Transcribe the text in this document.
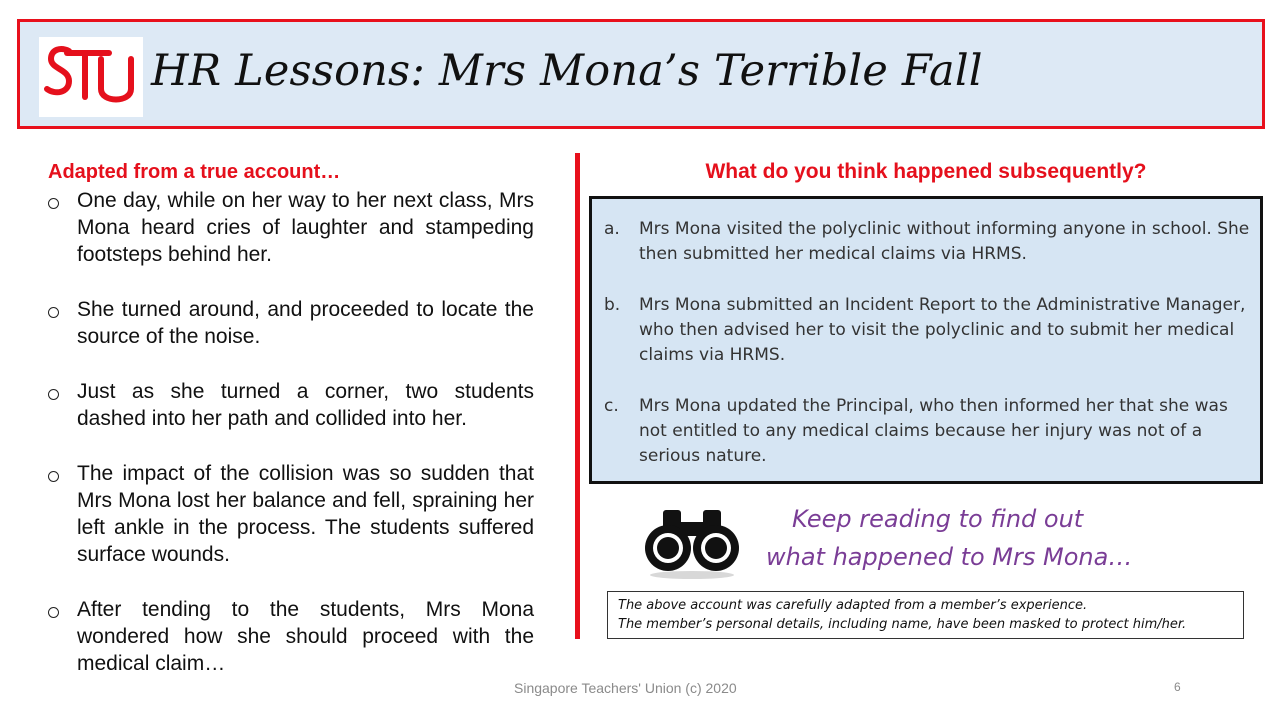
HR Lessons: Mrs Mona’s Terrible Fall
Adapted from a true account…
One day, while on her way to her next class, Mrs Mona heard cries of laughter and stampeding footsteps behind her.
She turned around, and proceeded to locate the source of the noise.
Just as she turned a corner, two students dashed into her path and collided into her.
The impact of the collision was so sudden that Mrs Mona lost her balance and fell, spraining her left ankle in the process. The students suffered surface wounds.
After tending to the students, Mrs Mona wondered how she should proceed with the medical claim…
What do you think happened subsequently?
a. Mrs Mona visited the polyclinic without informing anyone in school. She then submitted her medical claims via HRMS.
b. Mrs Mona submitted an Incident Report to the Administrative Manager, who then advised her to visit the polyclinic and to submit her medical claims via HRMS.
c. Mrs Mona updated the Principal, who then informed her that she was not entitled to any medical claims because her injury was not of a serious nature.
Keep reading to find out
what happened to Mrs Mona…
The above account was carefully adapted from a member’s experience.
The member’s personal details, including name, have been masked to protect him/her.
Singapore Teachers' Union (c) 2020	6
